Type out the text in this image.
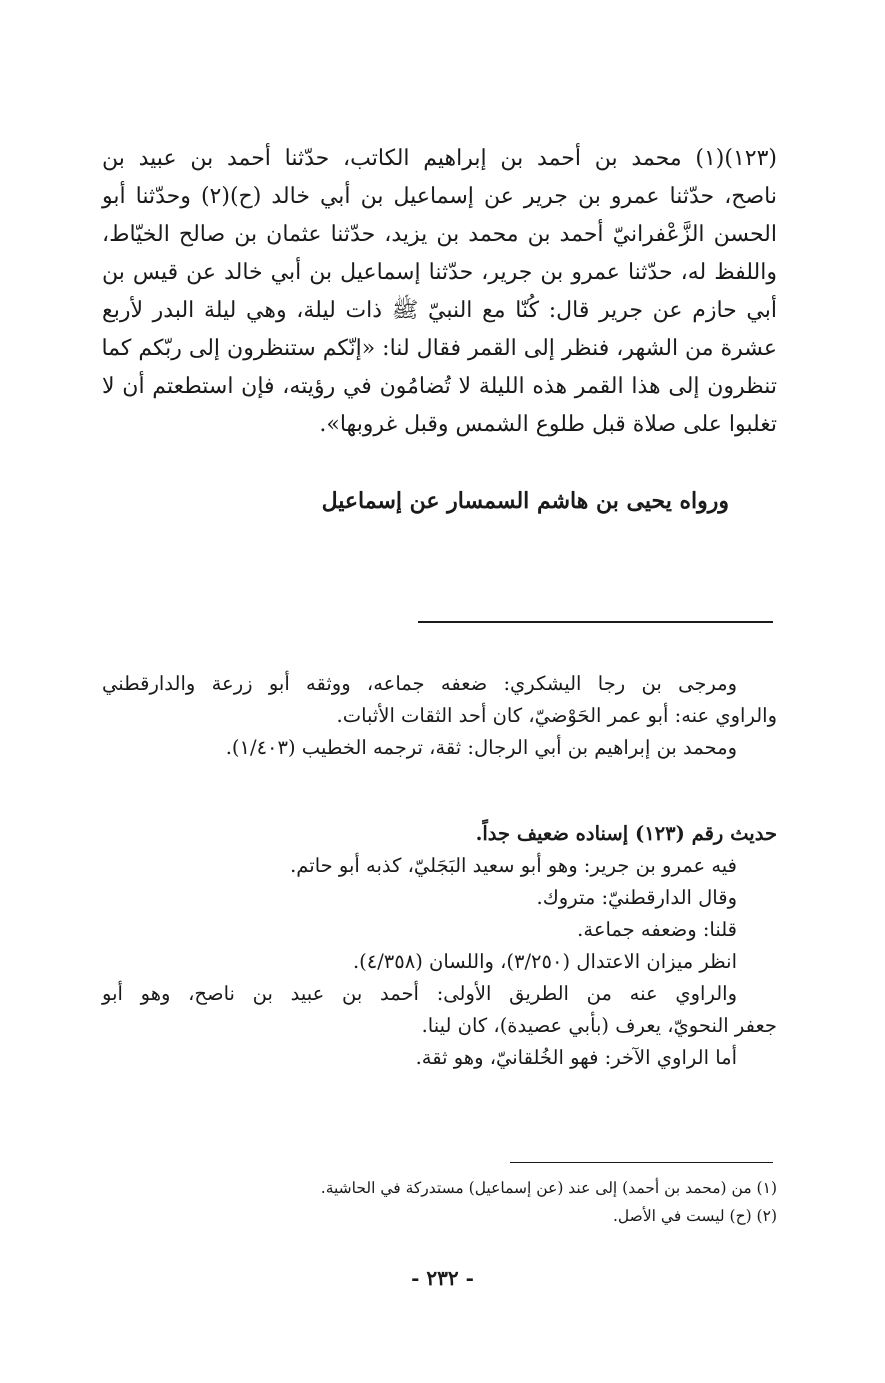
(١٢٣)(١) محمد بن أحمد بن إبراهيم الكاتب، حدّثنا أحمد بن عبيد بن
ناصح، حدّثنا عمرو بن جرير عن إسماعيل بن أبي خالد (ح)(٢) وحدّثنا أبو
الحسن الزَّعْفرانيّ أحمد بن محمد بن يزيد، حدّثنا عثمان بن صالح الخيّاط،
واللفظ له، حدّثنا عمرو بن جرير، حدّثنا إسماعيل بن أبي خالد عن قيس بن
أبي حازم عن جرير قال: كُنّا مع النبيّ ﷺ ذات ليلة، وهي ليلة البدر لأربع
عشرة من الشهر، فنظر إلى القمر فقال لنا: «إنّكم ستنظرون إلى ربّكم كما
تنظرون إلى هذا القمر هذه الليلة لا تُضامُون في رؤيته، فإن استطعتم أن لا
تغلبوا على صلاة قبل طلوع الشمس وقبل غروبها».
ورواه يحيى بن هاشم السمسار عن إسماعيل
ومرجى بن رجا اليشكري: ضعفه جماعه، ووثقه أبو زرعة والدارقطني
والراوي عنه: أبو عمر الحَوْضيّ، كان أحد الثقات الأثبات.
ومحمد بن إبراهيم بن أبي الرجال: ثقة، ترجمه الخطيب (١/٤٠٣).
حديث رقم (١٢٣) إسناده ضعيف جداً.
فيه عمرو بن جرير: وهو أبو سعيد البَجَليّ، كذبه أبو حاتم.
وقال الدارقطنيّ: متروك.
قلنا: وضعفه جماعة.
انظر ميزان الاعتدال (٣/٢٥٠)، واللسان (٤/٣٥٨).
والراوي عنه من الطريق الأولى: أحمد بن عبيد بن ناصح، وهو أبو
جعفر النحويّ، يعرف (بأبي عصيدة)، كان لينا.
أما الراوي الآخر: فهو الخُلقانيّ، وهو ثقة.
(١) من (محمد بن أحمد) إلى عند (عن إسماعيل) مستدركة في الحاشية.
(٢) (ح) ليست في الأصل.
- ٢٣٢ -
